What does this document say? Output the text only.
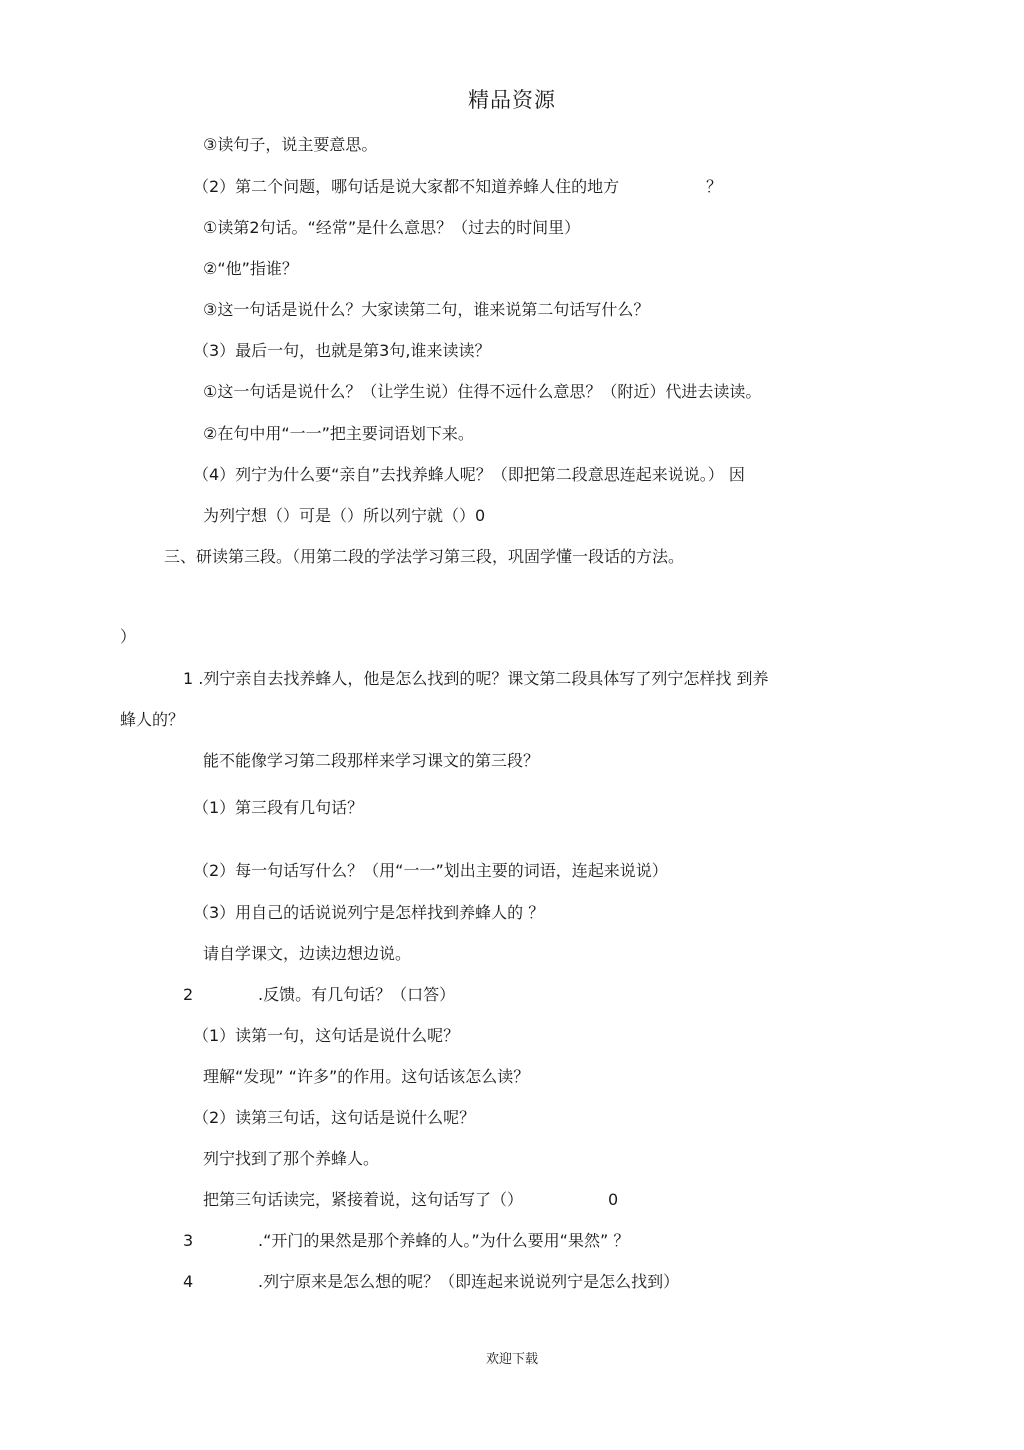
精品资源
③读句子，说主要意思。
（2）第二个问题，哪句话是说大家都不知道养蜂人住的地方	？
①读第2句话。“经常”是什么意思？（过去的时间里）
②“他”指谁？
③这一句话是说什么？大家读第二句，谁来说第二句话写什么？
（3）最后一句，也就是第3句,谁来读读？
①这一句话是说什么？（让学生说）住得不远什么意思？（附近）代进去读读。
②在句中用“一一”把主要词语划下来。
（4）列宁为什么要“亲自”去找养蜂人呢？（即把第二段意思连起来说说。） 因
为列宁想（）可是（）所以列宁就（）0
三、研读第三段。（用第二段的学法学习第三段，巩固学懂一段话的方法。
）
1 .列宁亲自去找养蜂人，他是怎么找到的呢？课文第二段具体写了列宁怎样找 到养
蜂人的？
能不能像学习第二段那样来学习课文的第三段？
（1）第三段有几句话？
（2）每一句话写什么？（用“一一”划出主要的词语，连起来说说）
（3）用自己的话说说列宁是怎样找到养蜂人的 ？
请自学课文，边读边想边说。
2	.反馈。有几句话？（口答）
（1）读第一句，这句话是说什么呢？
理解“发现” “许多”的作用。这句话该怎么读？
（2）读第三句话，这句话是说什么呢？
列宁找到了那个养蜂人。
把第三句话读完，紧接着说，这句话写了（）	0
3	.“开门的果然是那个养蜂的人。”为什么要用“果然” ？
4	.列宁原来是怎么想的呢？（即连起来说说列宁是怎么找到）
欢迎下载
